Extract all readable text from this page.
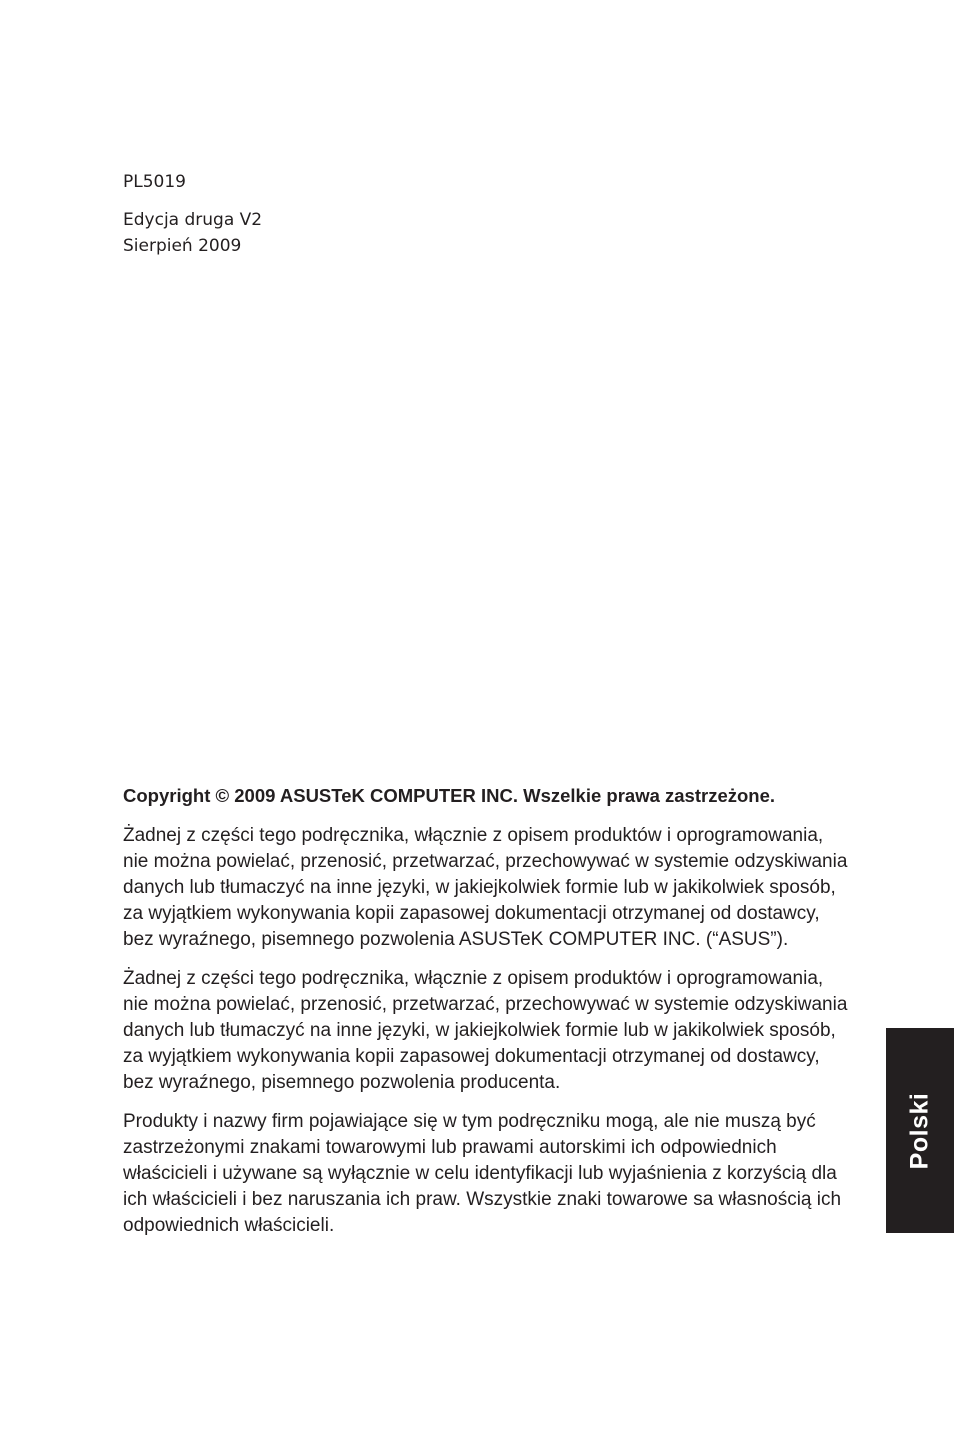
PL5019

Edycja druga V2

Sierpień 2009

Copyright © 2009 ASUSTeK COMPUTER INC. Wszelkie prawa zastrzeżone.

Żadnej z części tego podręcznika, włącznie z opisem produktów i oprogramowania, nie można powielać, przenosić, przetwarzać, przechowywać w systemie odzyskiwania danych lub tłumaczyć na inne języki, w jakiejkolwiek formie lub w jakikolwiek sposób, za wyjątkiem wykonywania kopii zapasowej dokumentacji otrzymanej od dostawcy, bez wyraźnego, pisemnego pozwolenia ASUSTeK COMPUTER INC. (“ASUS”).

Żadnej z części tego podręcznika, włącznie z opisem produktów i oprogramowania, nie można powielać, przenosić, przetwarzać, przechowywać w systemie odzyskiwania danych lub tłumaczyć na inne języki, w jakiejkolwiek formie lub w jakikolwiek sposób, za wyjątkiem wykonywania kopii zapasowej dokumentacji otrzymanej od dostawcy, bez wyraźnego, pisemnego pozwolenia producenta.

Produkty i nazwy firm pojawiające się w tym podręczniku mogą, ale nie muszą być zastrzeżonymi znakami towarowymi lub prawami autorskimi ich odpowiednich właścicieli i używane są wyłącznie w celu identyfikacji lub wyjaśnienia z korzyścią dla ich właścicieli i bez naruszania ich praw. Wszystkie znaki towarowe sa własnością ich odpowiednich właścicieli.

Polski
